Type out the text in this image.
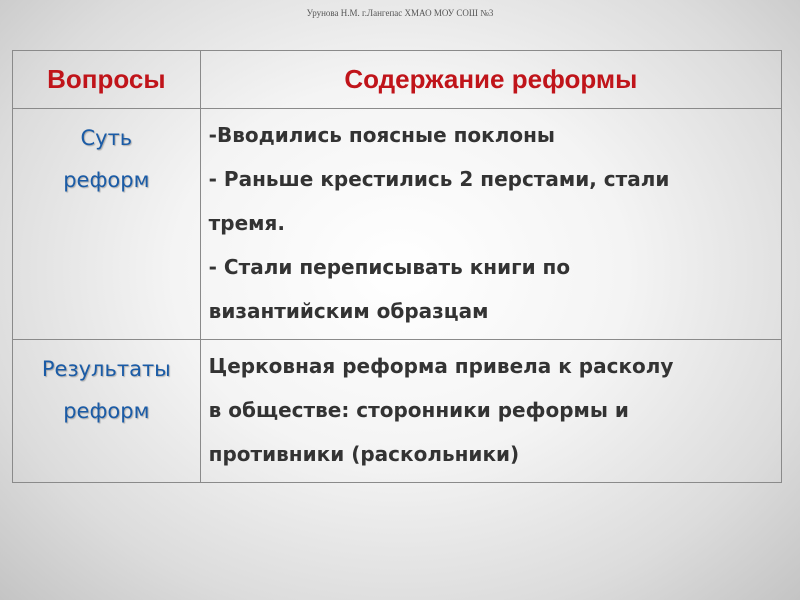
Урунова Н.М. г.Лангепас ХМАО МОУ СОШ №3
Вопросы	Содержание реформы

Суть
реформ	-Вводились поясные поклоны
- Раньше крестились 2 перстами, стали
тремя.
- Стали переписывать книги по
византийским образцам

Результаты
реформ	Церковная реформа привела к расколу
в обществе: сторонники реформы и
противники (раскольники)
